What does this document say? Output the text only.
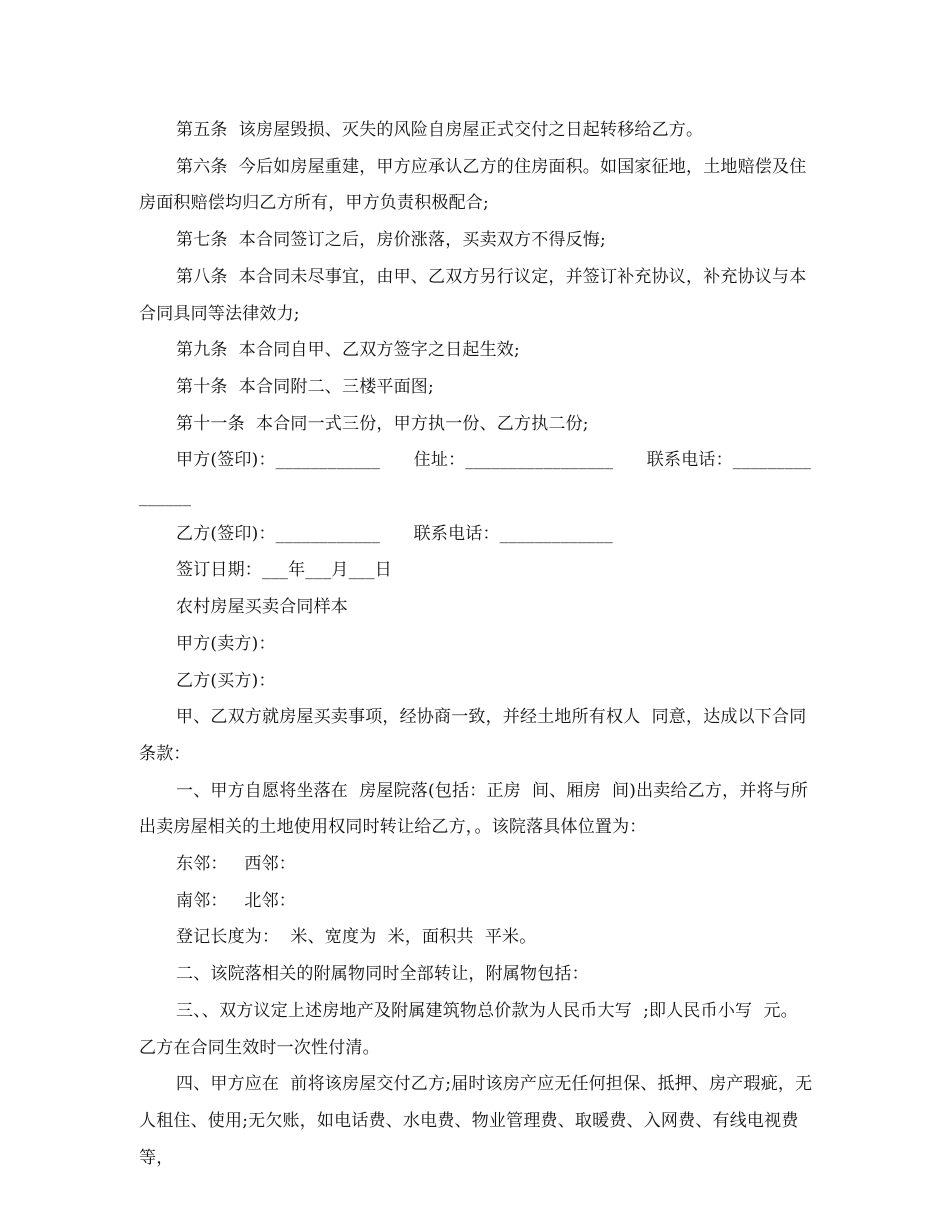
第五条  该房屋毁损、灭失的风险自房屋正式交付之日起转移给乙方。

第六条  今后如房屋重建，甲方应承认乙方的住房面积。如国家征地，土地赔偿及住房面积赔偿均归乙方所有，甲方负责积极配合;

第七条  本合同签订之后，房价涨落，买卖双方不得反悔;

第八条  本合同未尽事宜，由甲、乙双方另行议定，并签订补充协议，补充协议与本合同具同等法律效力;

第九条  本合同自甲、乙双方签字之日起生效;

第十条  本合同附二、三楼平面图;

第十一条  本合同一式三份，甲方执一份、乙方执二份;

甲方(签印)：____________      住址：_________________      联系电话：_______________

乙方(签印)：____________      联系电话：_____________

签订日期：___年___月___日

农村房屋买卖合同样本

甲方(卖方)：

乙方(买方)：

甲、乙双方就房屋买卖事项，经协商一致，并经土地所有权人  同意，达成以下合同条款：

一、甲方自愿将坐落在  房屋院落(包括：正房  间、厢房  间)出卖给乙方，并将与所出卖房屋相关的土地使用权同时转让给乙方，。该院落具体位置为：

东邻：   西邻：

南邻：   北邻：

登记长度为：  米、宽度为  米，面积共  平米。

二、该院落相关的附属物同时全部转让，附属物包括：

三、、双方议定上述房地产及附属建筑物总价款为人民币大写  ;即人民币小写  元。乙方在合同生效时一次性付清。

四、甲方应在  前将该房屋交付乙方;届时该房产应无任何担保、抵押、房产瑕疵，无人租住、使用;无欠账，如电话费、水电费、物业管理费、取暖费、入网费、有线电视费等，
